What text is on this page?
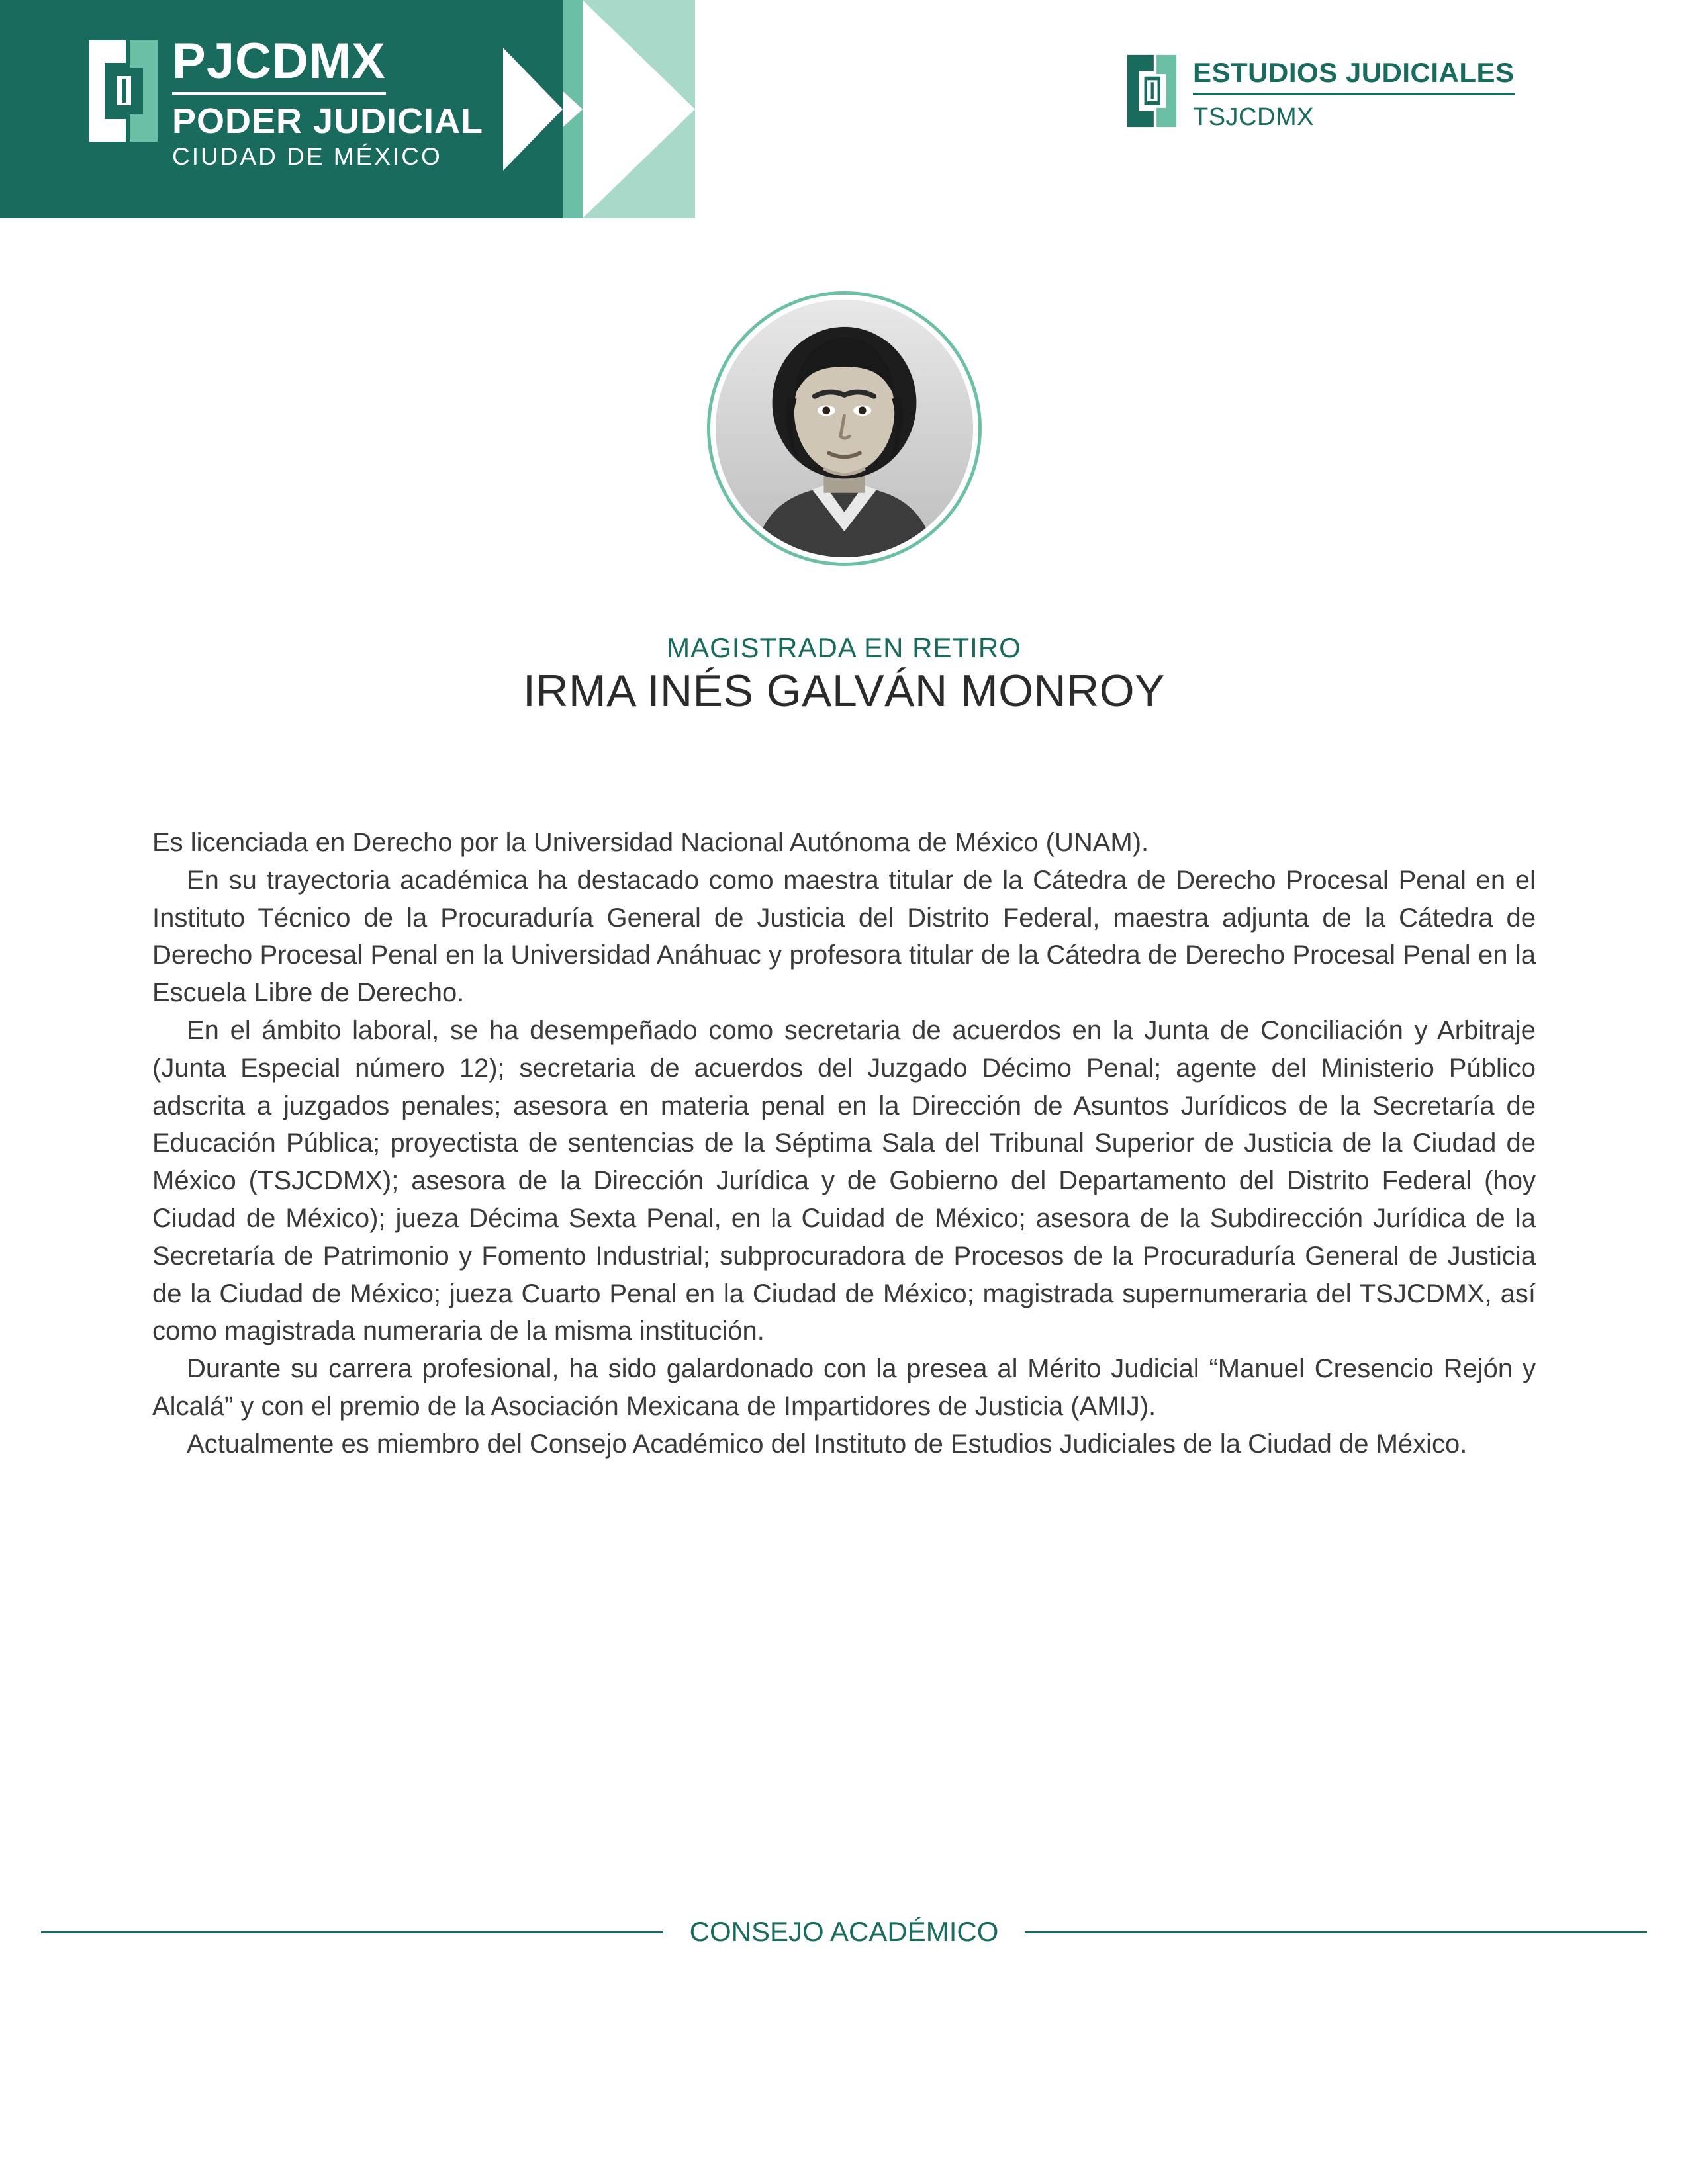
PJCDMX
PODER JUDICIAL
CIUDAD DE MÉXICO
ESTUDIOS JUDICIALES
TSJCDMX
MAGISTRADA EN RETIRO
IRMA INÉS GALVÁN MONROY

Es licenciada en Derecho por la Universidad Nacional Autónoma de México (UNAM).

En su trayectoria académica ha destacado como maestra titular de la Cátedra de Derecho Procesal Penal en el Instituto Técnico de la Procuraduría General de Justicia del Distrito Federal, maestra adjunta de la Cátedra de Derecho Procesal Penal en la Universidad Anáhuac y profesora titular de la Cátedra de Derecho Procesal Penal en la Escuela Libre de Derecho.

En el ámbito laboral, se ha desempeñado como secretaria de acuerdos en la Junta de Conciliación y Arbitraje (Junta Especial número 12); secretaria de acuerdos del Juzgado Décimo Penal; agente del Ministerio Público adscrita a juzgados penales; asesora en materia penal en la Dirección de Asuntos Jurídicos de la Secretaría de Educación Pública; proyectista de sentencias de la Séptima Sala del Tribunal Superior de Justicia de la Ciudad de México (TSJCDMX); asesora de la Dirección Jurídica y de Gobierno del Departamento del Distrito Federal (hoy Ciudad de México); jueza Décima Sexta Penal, en la Cuidad de México; asesora de la Subdirección Jurídica de la Secretaría de Patrimonio y Fomento Industrial; subprocuradora de Procesos de la Procuraduría General de Justicia de la Ciudad de México; jueza Cuarto Penal en la Ciudad de México; magistrada supernumeraria del TSJCDMX, así como magistrada numeraria de la misma institución.

Durante su carrera profesional, ha sido galardonado con la presea al Mérito Judicial “Manuel Cresencio Rejón y Alcalá” y con el premio de la Asociación Mexicana de Impartidores de Justicia (AMIJ).

Actualmente es miembro del Consejo Académico del Instituto de Estudios Judiciales de la Ciudad de México.

CONSEJO ACADÉMICO
